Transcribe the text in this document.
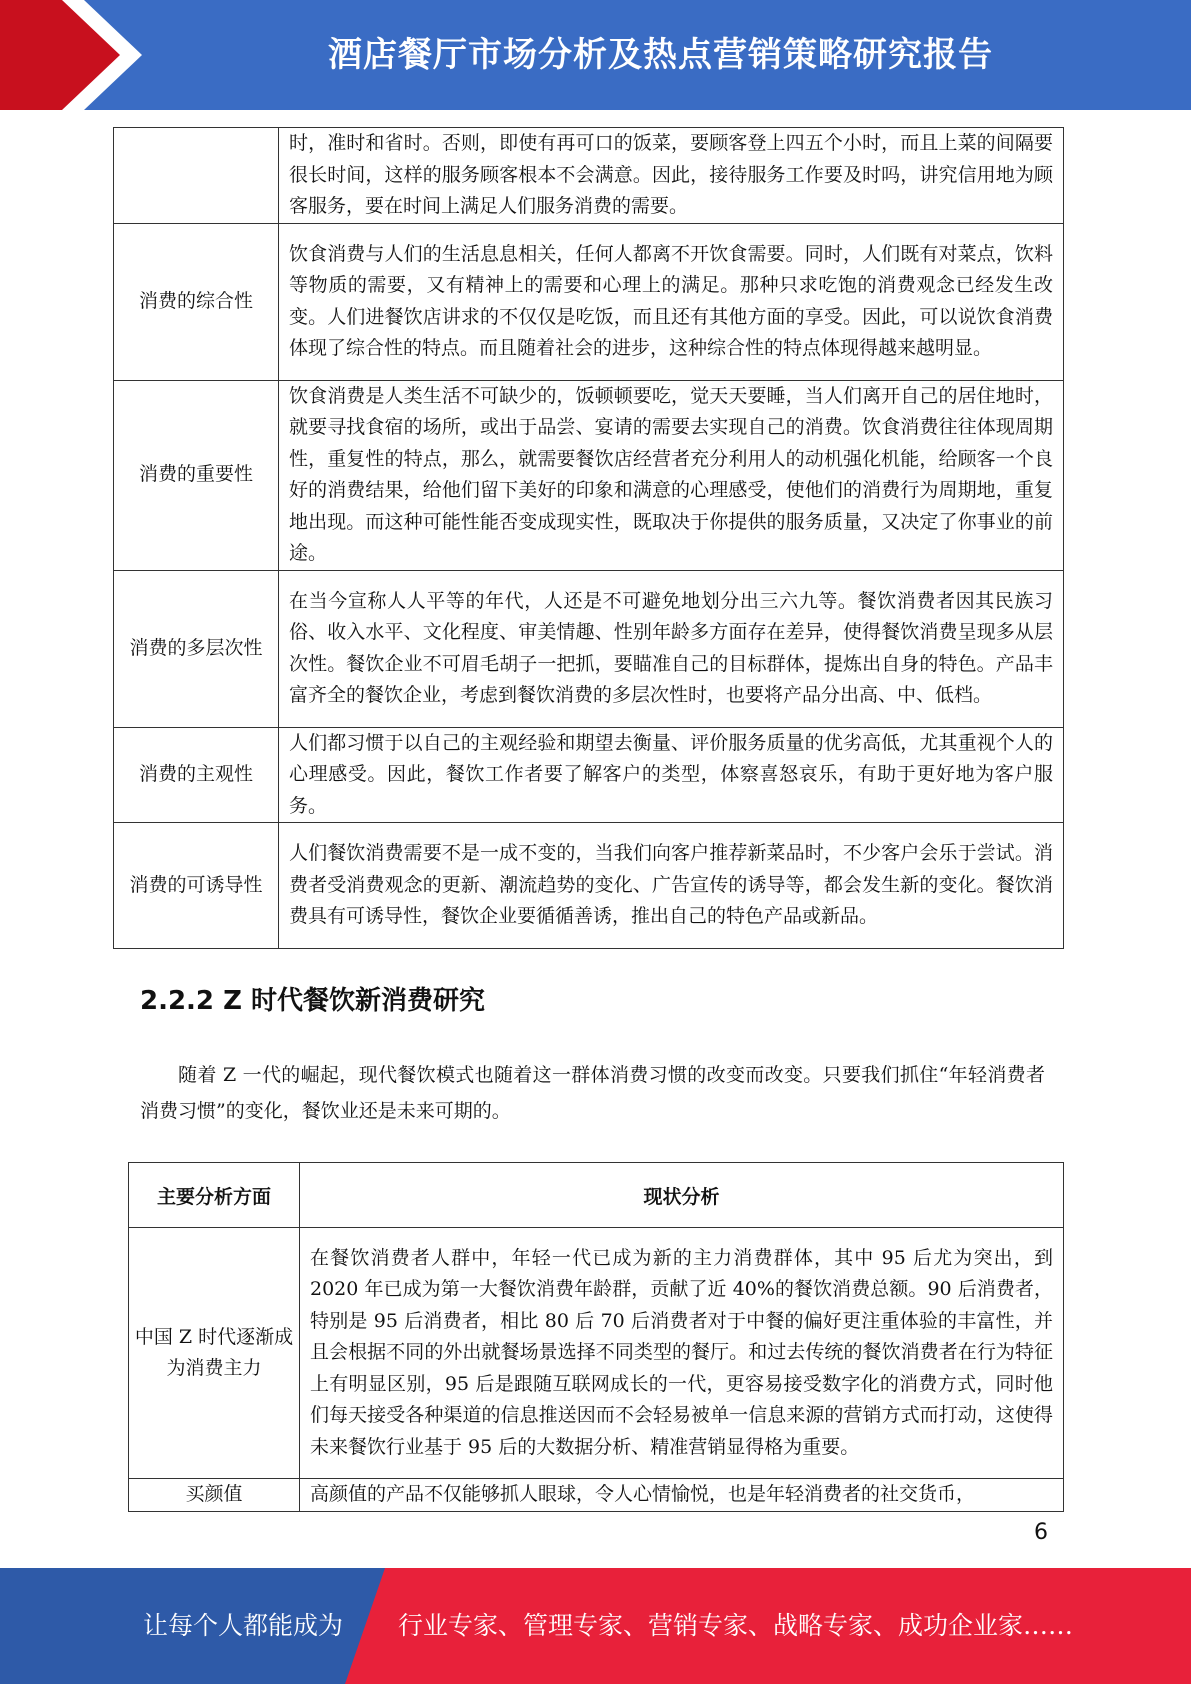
酒店餐厅市场分析及热点营销策略研究报告
	时，准时和省时。否则，即使有再可口的饭菜，要顾客登上四五个小时，而且上菜的间隔要很长时间，这样的服务顾客根本不会满意。因此，接待服务工作要及时吗，讲究信用地为顾客服务，要在时间上满足人们服务消费的需要。
消费的综合性	饮食消费与人们的生活息息相关，任何人都离不开饮食需要。同时，人们既有对菜点，饮料等物质的需要，又有精神上的需要和心理上的满足。那种只求吃饱的消费观念已经发生改变。人们进餐饮店讲求的不仅仅是吃饭，而且还有其他方面的享受。因此，可以说饮食消费体现了综合性的特点。而且随着社会的进步，这种综合性的特点体现得越来越明显。
消费的重要性	饮食消费是人类生活不可缺少的，饭顿顿要吃，觉天天要睡，当人们离开自己的居住地时，就要寻找食宿的场所，或出于品尝、宴请的需要去实现自己的消费。饮食消费往往体现周期性，重复性的特点，那么，就需要餐饮店经营者充分利用人的动机强化机能，给顾客一个良好的消费结果，给他们留下美好的印象和满意的心理感受，使他们的消费行为周期地，重复地出现。而这种可能性能否变成现实性，既取决于你提供的服务质量，又决定了你事业的前途。
消费的多层次性	在当今宣称人人平等的年代，人还是不可避免地划分出三六九等。餐饮消费者因其民族习俗、收入水平、文化程度、审美情趣、性别年龄多方面存在差异，使得餐饮消费呈现多从层次性。餐饮企业不可眉毛胡子一把抓，要瞄准自己的目标群体，提炼出自身的特色。产品丰富齐全的餐饮企业，考虑到餐饮消费的多层次性时，也要将产品分出高、中、低档。
消费的主观性	人们都习惯于以自己的主观经验和期望去衡量、评价服务质量的优劣高低，尤其重视个人的心理感受。因此，餐饮工作者要了解客户的类型，体察喜怒哀乐，有助于更好地为客户服务。
消费的可诱导性	人们餐饮消费需要不是一成不变的，当我们向客户推荐新菜品时，不少客户会乐于尝试。消费者受消费观念的更新、潮流趋势的变化、广告宣传的诱导等，都会发生新的变化。餐饮消费具有可诱导性，餐饮企业要循循善诱，推出自己的特色产品或新品。
2.2.2 Z 时代餐饮新消费研究
随着 Z 一代的崛起，现代餐饮模式也随着这一群体消费习惯的改变而改变。只要我们抓住“年轻消费者消费习惯”的变化，餐饮业还是未来可期的。
主要分析方面	现状分析
中国 Z 时代逐渐成为消费主力	在餐饮消费者人群中，年轻一代已成为新的主力消费群体，其中 95 后尤为突出，到 2020 年已成为第一大餐饮消费年龄群，贡献了近 40%的餐饮消费总额。90 后消费者，特别是 95 后消费者，相比 80 后 70 后消费者对于中餐的偏好更注重体验的丰富性，并且会根据不同的外出就餐场景选择不同类型的餐厅。和过去传统的餐饮消费者在行为特征上有明显区别，95 后是跟随互联网成长的一代，更容易接受数字化的消费方式，同时他们每天接受各种渠道的信息推送因而不会轻易被单一信息来源的营销方式而打动，这使得未来餐饮行业基于 95 后的大数据分析、精准营销显得格为重要。
买颜值	高颜值的产品不仅能够抓人眼球，令人心情愉悦，也是年轻消费者的社交货币，
6
让每个人都能成为 行业专家、管理专家、营销专家、战略专家、成功企业家……
